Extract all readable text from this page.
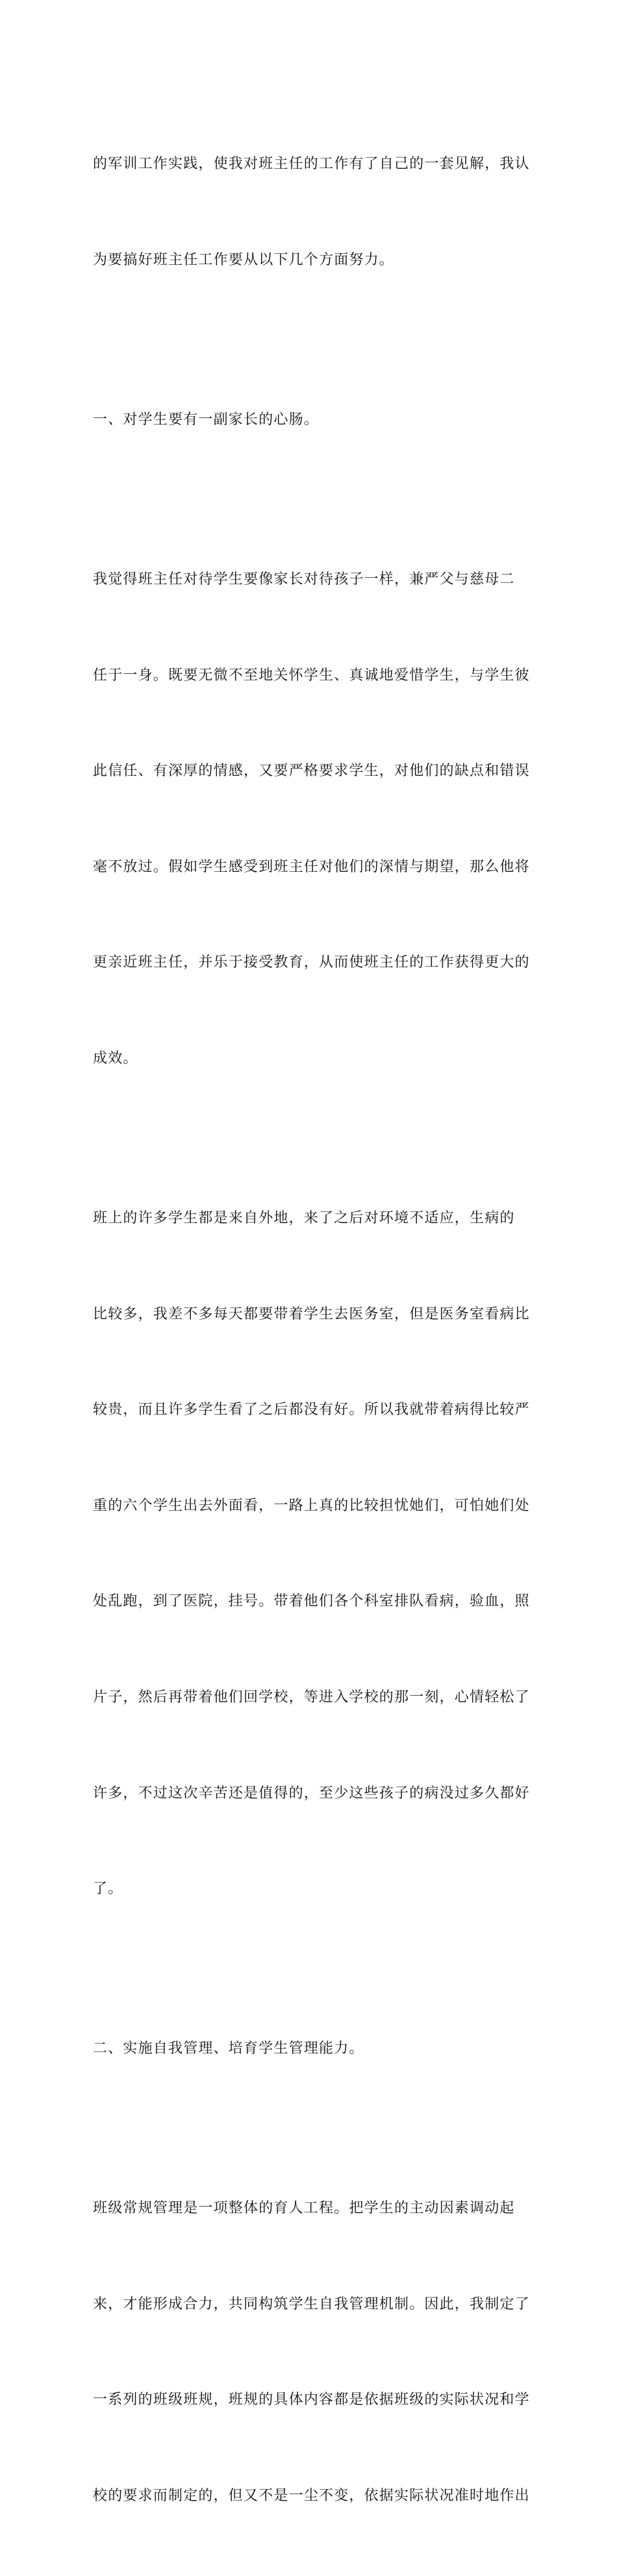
的军训工作实践，使我对班主任的工作有了自己的一套见解，我认

为要搞好班主任工作要从以下几个方面努力。

一、对学生要有一副家长的心肠。

我觉得班主任对待学生要像家长对待孩子一样，兼严父与慈母二

任于一身。既要无微不至地关怀学生、真诚地爱惜学生，与学生彼

此信任、有深厚的情感，又要严格要求学生，对他们的缺点和错误

毫不放过。假如学生感受到班主任对他们的深情与期望，那么他将

更亲近班主任，并乐于接受教育，从而使班主任的工作获得更大的

成效。

班上的许多学生都是来自外地，来了之后对环境不适应，生病的

比较多，我差不多每天都要带着学生去医务室，但是医务室看病比

较贵，而且许多学生看了之后都没有好。所以我就带着病得比较严

重的六个学生出去外面看，一路上真的比较担忧她们，可怕她们处

处乱跑，到了医院，挂号。带着他们各个科室排队看病，验血，照

片子，然后再带着他们回学校，等进入学校的那一刻，心情轻松了

许多，不过这次辛苦还是值得的，至少这些孩子的病没过多久都好

了。

二、实施自我管理、培育学生管理能力。

班级常规管理是一项整体的育人工程。把学生的主动因素调动起

来，才能形成合力，共同构筑学生自我管理机制。因此，我制定了

一系列的班级班规，班规的具体内容都是依据班级的实际状况和学

校的要求而制定的，但又不是一尘不变，依据实际状况准时地作出
